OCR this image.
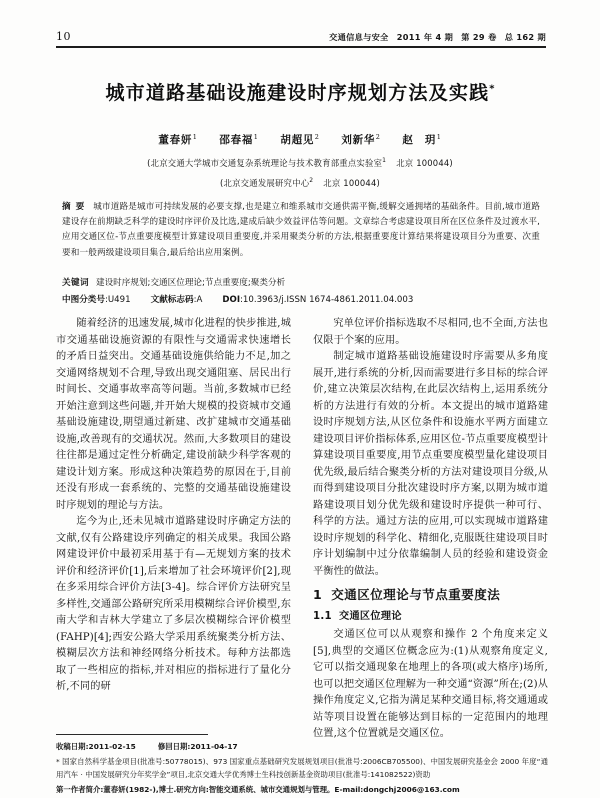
10	交通信息与安全 2011 年 4 期 第 29 卷 总 162 期
城市道路基础设施建设时序规划方法及实践*
董春妍$^1$ 邵春福$^1$ 胡超见$^2$ 刘新华$^2$ 赵　玥$^1$
(北京交通大学城市交通复杂系统理论与技术教育部重点实验室$^1$ 北京 100044)
(北京交通发展研究中心$^2$ 北京 100044)
摘要 城市道路是城市可持续发展的必要支撑,也是建立和维系城市交通供需平衡,缓解交通拥堵的基础条件。目前,城市道路建设存在前期缺乏科学的建设时序评价及比选,建成后缺少效益评估等问题。文章综合考虑建设项目所在区位条件及过渡水平,应用交通区位-节点重要度模型计算建设项目重要度,并采用聚类分析的方法,根据重要度计算结果将建设项目分为重要、次重要和一般两级建设项目集合,最后给出应用案例。
关键词 建设时序规划;交通区位理论;节点重要度;聚类分析
中图分类号:U491 文献标志码:A DOI:10.3963/j.ISSN 1674-4861.2011.04.003

随着经济的迅速发展,城市化进程的快步推进,城市交通基础设施资源的有限性与交通需求快速增长的矛盾日益突出。交通基础设施供给能力不足,加之交通网络规划不合理,导致出现交通阻塞、居民出行时间长、交通事故率高等问题。当前,多数城市已经开始注意到这些问题,并开始大规模的投资城市交通基础设施建设,期望通过新建、改扩建城市交通基础设施,改善现有的交通状况。然而,大多数项目的建设往往都是通过定性分析确定,建设前缺少科学客观的建设计划方案。形成这种决策趋势的原因在于,目前还没有形成一套系统的、完整的交通基础设施建设时序规划的理论与方法。

迄今为止,还未见城市道路建设时序确定方法的文献,仅有公路建设序列确定的相关成果。我国公路网建设评价中最初采用基于有—无规划方案的技术评价和经济评价[1],后来增加了社会环境评价[2],现在多采用综合评价方法[3-4]。综合评价方法研究呈多样性,交通部公路研究所采用模糊综合评价模型,东南大学和吉林大学建立了多层次模糊综合评价模型(FAHP)[4];西安公路大学采用系统聚类分析方法、模糊层次方法和神经网络分析技术。每种方法都选取了一些相应的指标,并对相应的指标进行了量化分析,不同的研

究单位评价指标选取不尽相同,也不全面,方法也仅限于个案的应用。

制定城市道路基础设施建设时序需要从多角度展开,进行系统的分析,因而需要进行多目标的综合评价,建立决策层次结构,在此层次结构上,运用系统分析的方法进行有效的分析。本文提出的城市道路建设时序规划方法,从区位条件和设施水平两方面建立建设项目评价指标体系,应用区位-节点重要度模型计算建设项目重要度,用节点重要度模型量化建设项目优先级,最后结合聚类分析的方法对建设项目分级,从而得到建设项目分批次建设时序方案,以期为城市道路建设项目划分优先级和建设时序提供一种可行、科学的方法。通过方法的应用,可以实现城市道路建设时序规划的科学化、精细化,克服既往建设项目时序计划编制中过分依靠编制人员的经验和建设资金平衡性的做法。

1 交通区位理论与节点重要度法
1.1 交通区位理论

交通区位可以从观察和操作 2 个角度来定义[5],典型的交通区位概念应为:(1)从观察角度定义,它可以指交通现象在地理上的各项(或大格序)场所,也可以把交通区位理解为一种交通“资源”所在;(2)从操作角度定义,它指为满足某种交通目标,将交通通或站等项目设置在能够达到目标的一定范围内的地理位置,这个位置就是交通区位。

收稿日期:2011-02-15	修回日期:2011-04-17
* 国家自然科学基金项目(批准号:50778015)、973 国家重点基础研究发展规划项目(批准号:2006CB705500)、中国发展研究基金会 2000 年度“通用汽车 · 中国发展研究分年奖学金”项目,北京交通大学优秀博士生科技创新基金资助项目(批准号:141082522)资助
第一作者简介:董春妍(1982-),博士.研究方向:智能交通系统、城市交通规划与管理。E-mail:dongchj2006@163.com
